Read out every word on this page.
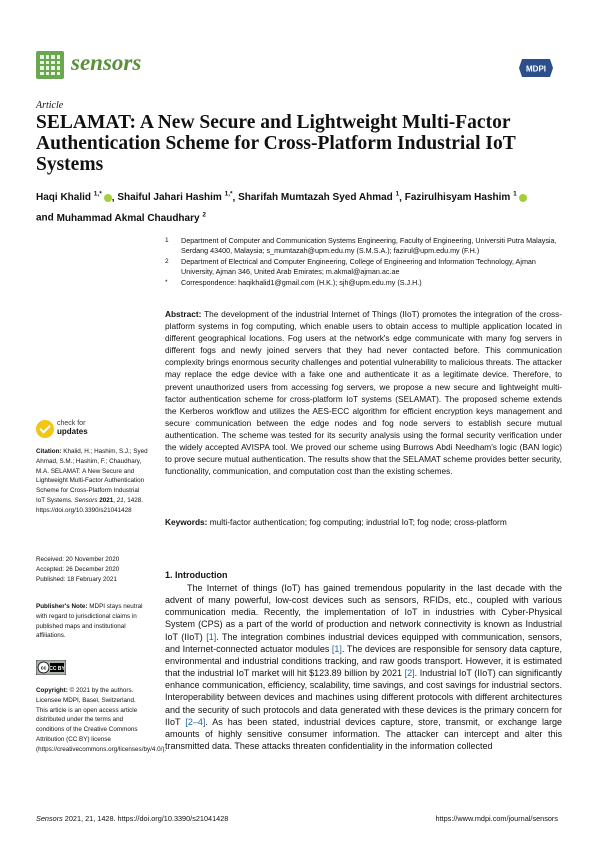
sensors	MDPI
Article
SELAMAT: A New Secure and Lightweight Multi-Factor Authentication Scheme for Cross-Platform Industrial IoT Systems
Haqi Khalid $^{1,*}$ , Shaiful Jahari Hashim $^{1,*}$, Sharifah Mumtazah Syed Ahmad $^1$, Fazirulhisyam Hashim $^1$
and Muhammad Akmal Chaudhary $^2$
1 Department of Computer and Communication Systems Engineering, Faculty of Engineering, Universiti Putra Malaysia, Serdang 43400, Malaysia; s_mumtazah@upm.edu.my (S.M.S.A.); fazirul@upm.edu.my (F.H.)
2 Department of Electrical and Computer Engineering, College of Engineering and Information Technology, Ajman University, Ajman 346, United Arab Emirates; m.akmal@ajman.ac.ae
* Correspondence: haqikhalid1@gmail.com (H.K.); sjh@upm.edu.my (S.J.H.)
Abstract: The development of the industrial Internet of Things (IIoT) promotes the integration of the cross-platform systems in fog computing, which enable users to obtain access to multiple application located in different geographical locations. Fog users at the network's edge communicate with many fog servers in different fogs and newly joined servers that they had never contacted before. This communication complexity brings enormous security challenges and potential vulnerability to malicious threats. The attacker may replace the edge device with a fake one and authenticate it as a legitimate device. Therefore, to prevent unauthorized users from accessing fog servers, we propose a new secure and lightweight multi-factor authentication scheme for cross-platform IoT systems (SELAMAT). The proposed scheme extends the Kerberos workflow and utilizes the AES-ECC algorithm for efficient encryption keys management and secure communication between the edge nodes and fog node servers to establish secure mutual authentication. The scheme was tested for its security analysis using the formal security verification under the widely accepted AVISPA tool. We proved our scheme using Burrows Abdi Needham's logic (BAN logic) to prove secure mutual authentication. The results show that the SELAMAT scheme provides better security, functionality, communication, and computation cost than the existing schemes.
Keywords: multi-factor authentication; fog computing; industrial IoT; fog node; cross-platform
check for
updates
Citation: Khalid, H.; Hashim, S.J.; Syed Ahmad, S.M.; Hashim, F.; Chaudhary, M.A. SELAMAT: A New Secure and Lightweight Multi-Factor Authentication Scheme for Cross-Platform Industrial IoT Systems. Sensors 2021, 21, 1428. https://doi.org/10.3390/s21041428
Received: 20 November 2020
Accepted: 26 December 2020
Published: 18 February 2021
Publisher's Note: MDPI stays neutral with regard to jurisdictional claims in published maps and institutional affiliations.
cc CC BY
Copyright: © 2021 by the authors. Licensee MDPI, Basel, Switzerland. This article is an open access article distributed under the terms and conditions of the Creative Commons Attribution (CC BY) license (https://creativecommons.org/licenses/by/4.0/).
1. Introduction

The Internet of things (IoT) has gained tremendous popularity in the last decade with the advent of many powerful, low-cost devices such as sensors, RFIDs, etc., coupled with various communication media. Recently, the implementation of IoT in industries with Cyber-Physical System (CPS) as a part of the world of production and network connectivity is known as Industrial IoT (IIoT) [1]. The integration combines industrial devices equipped with communication, sensors, and Internet-connected actuator modules [1]. The devices are responsible for sensory data capture, environmental and industrial conditions tracking, and raw goods transport. However, it is estimated that the industrial IoT market will hit $123.89 billion by 2021 [2]. Industrial IoT (IIoT) can significantly enhance communication, efficiency, scalability, time savings, and cost savings for industrial sectors. Interoperability between devices and machines using different protocols with different architectures and the security of such protocols and data generated with these devices is the primary concern for IIoT [2–4]. As has been stated, industrial devices capture, store, transmit, or exchange large amounts of highly sensitive consumer information. The attacker can intercept and alter this transmitted data. These attacks threaten confidentiality in the information collected

Sensors 2021, 21, 1428. https://doi.org/10.3390/s21041428	https://www.mdpi.com/journal/sensors
